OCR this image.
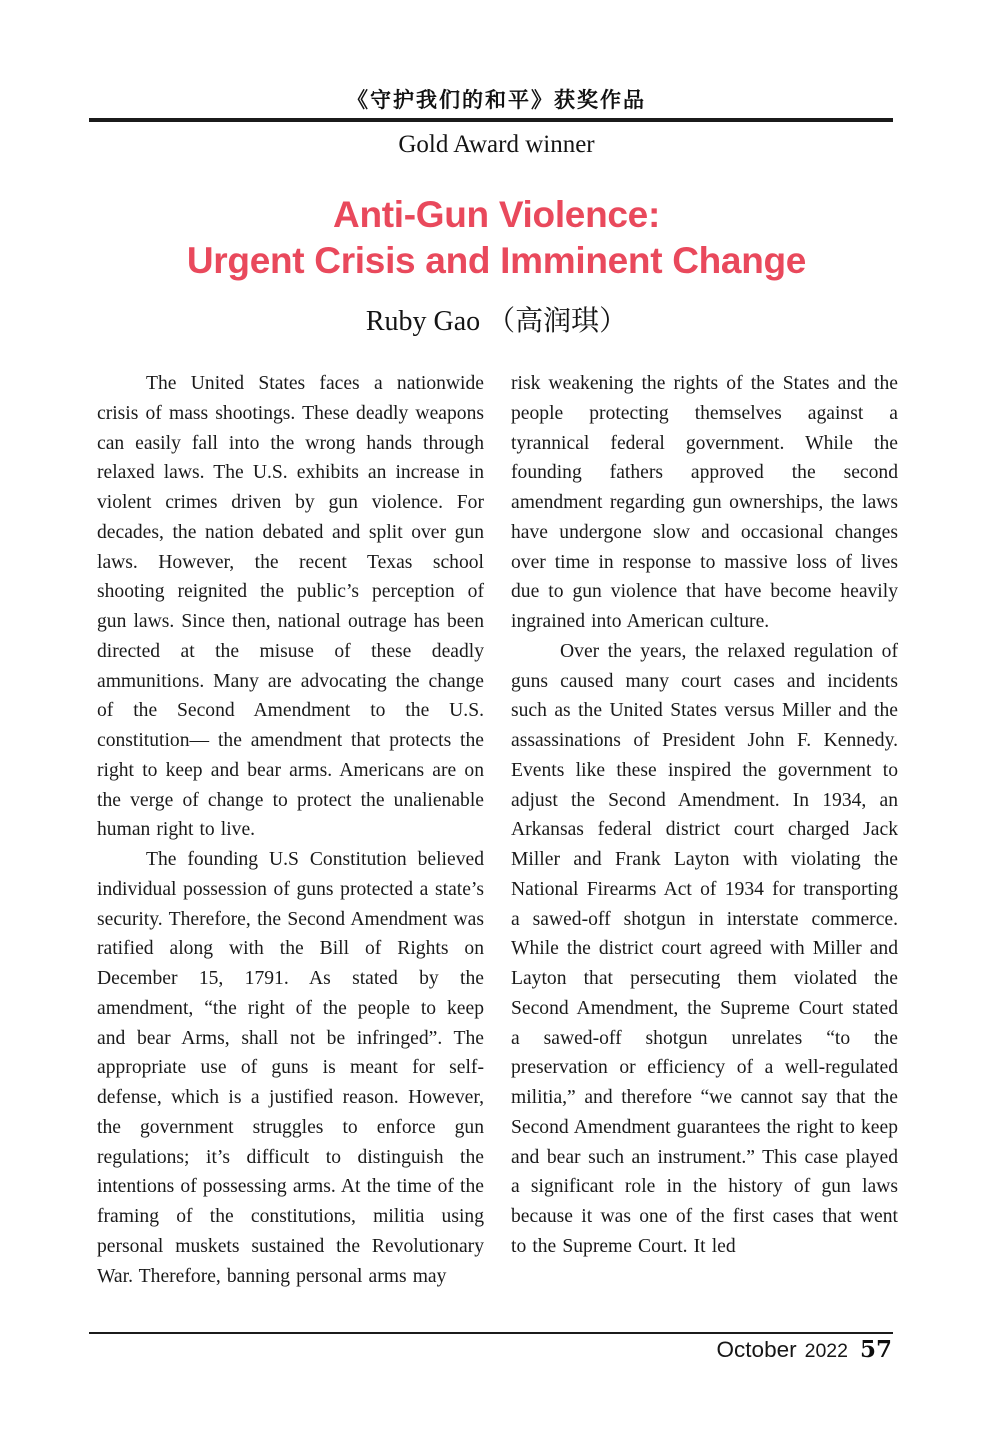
《守护我们的和平》获奖作品
Gold Award winner
Anti-Gun Violence:
Urgent Crisis and Imminent Change
Ruby Gao （高润琪）

The United States faces a nationwide crisis of mass shootings. These deadly weapons can easily fall into the wrong hands through relaxed laws. The U.S. exhibits an increase in violent crimes driven by gun violence. For decades, the nation debated and split over gun laws. However, the recent Texas school shooting reignited the public’s perception of gun laws. Since then, national outrage has been directed at the misuse of these deadly ammunitions. Many are advocating the change of the Second Amendment to the U.S. constitution— the amendment that protects the right to keep and bear arms. Americans are on the verge of change to protect the unalienable human right to live.

The founding U.S Constitution believed individual possession of guns protected a state’s security. Therefore, the Second Amendment was ratified along with the Bill of Rights on December 15, 1791. As stated by the amendment, “the right of the people to keep and bear Arms, shall not be infringed”. The appropriate use of guns is meant for self-defense, which is a justified reason. However, the government struggles to enforce gun regulations; it’s difficult to distinguish the intentions of possessing arms. At the time of the framing of the constitutions, militia using personal muskets sustained the Revolutionary War. Therefore, banning personal arms may

risk weakening the rights of the States and the people protecting themselves against a tyrannical federal government. While the founding fathers approved the second amendment regarding gun ownerships, the laws have undergone slow and occasional changes over time in response to massive loss of lives due to gun violence that have become heavily ingrained into American culture.

Over the years, the relaxed regulation of guns caused many court cases and incidents such as the United States versus Miller and the assassinations of President John F. Kennedy. Events like these inspired the government to adjust the Second Amendment. In 1934, an Arkansas federal district court charged Jack Miller and Frank Layton with violating the National Firearms Act of 1934 for transporting a sawed-off shotgun in interstate commerce. While the district court agreed with Miller and Layton that persecuting them violated the Second Amendment, the Supreme Court stated a sawed-off shotgun unrelates “to the preservation or efficiency of a well-regulated militia,” and therefore “we cannot say that the Second Amendment guarantees the right to keep and bear such an instrument.” This case played a significant role in the history of gun laws because it was one of the first cases that went to the Supreme Court. It led

October 2022 57
